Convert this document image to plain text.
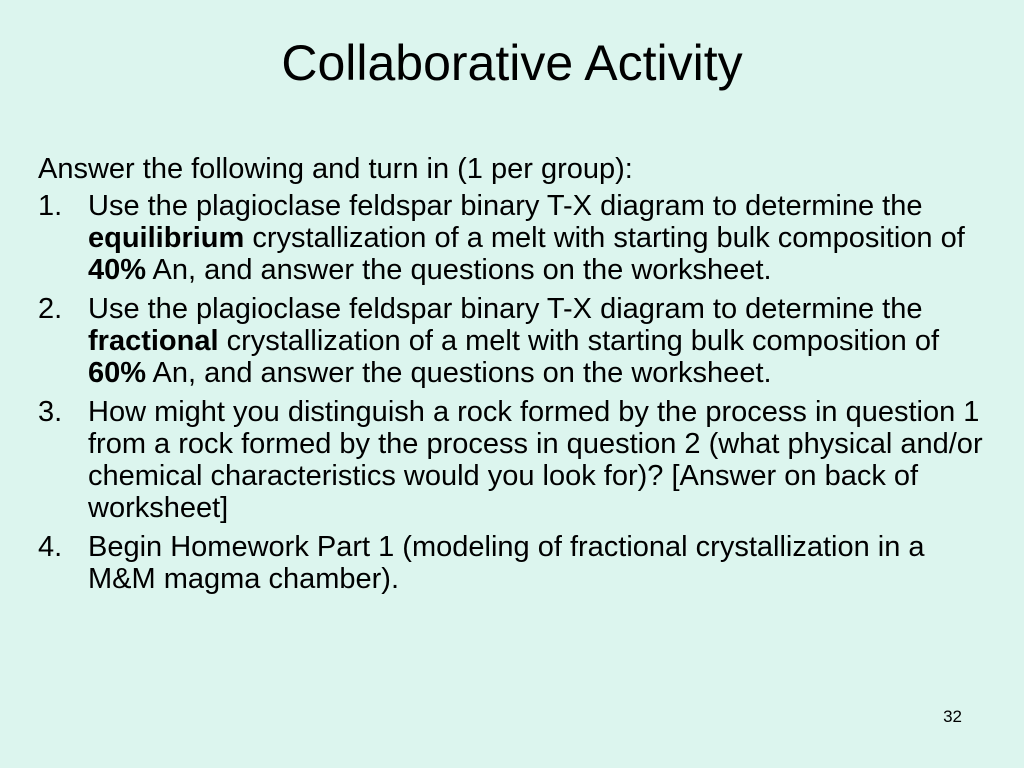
Collaborative Activity

Answer the following and turn in (1 per group):

1. Use the plagioclase feldspar binary T-X diagram to determine the equilibrium crystallization of a melt with starting bulk composition of 40% An, and answer the questions on the worksheet.
2. Use the plagioclase feldspar binary T-X diagram to determine the fractional crystallization of a melt with starting bulk composition of 60% An, and answer the questions on the worksheet.
3. How might you distinguish a rock formed by the process in question 1 from a rock formed by the process in question 2 (what physical and/or chemical characteristics would you look for)? [Answer on back of worksheet]
4. Begin Homework Part 1 (modeling of fractional crystallization in a M&M magma chamber).
32
